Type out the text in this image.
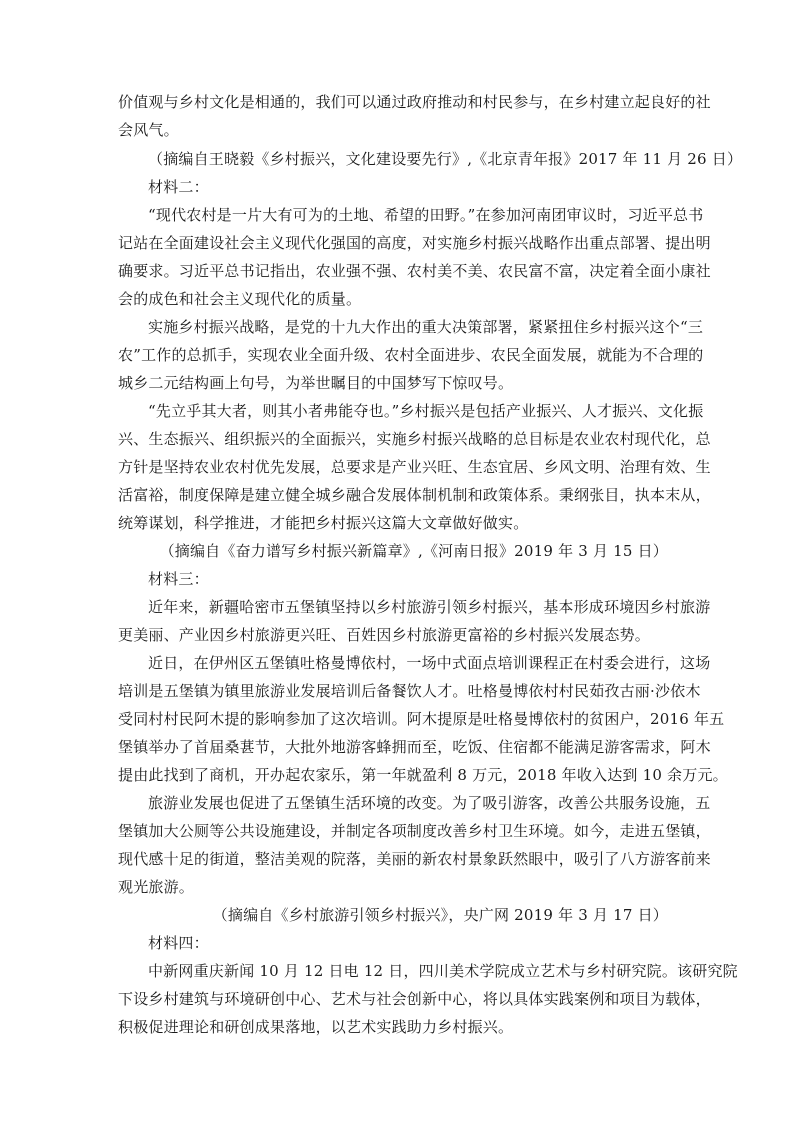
价值观与乡村文化是相通的，我们可以通过政府推动和村民参与，在乡村建立起良好的社
会风气。
（摘编自王晓毅《乡村振兴，文化建设要先行》,《北京青年报》2017 年 11 月 26 日）
材料二：
“现代农村是一片大有可为的土地、希望的田野。”在参加河南团审议时，习近平总书
记站在全面建设社会主义现代化强国的高度，对实施乡村振兴战略作出重点部署、提出明
确要求。习近平总书记指出，农业强不强、农村美不美、农民富不富，决定着全面小康社
会的成色和社会主义现代化的质量。
实施乡村振兴战略，是党的十九大作出的重大决策部署，紧紧扭住乡村振兴这个“三
农”工作的总抓手，实现农业全面升级、农村全面进步、农民全面发展，就能为不合理的
城乡二元结构画上句号，为举世瞩目的中国梦写下惊叹号。
“先立乎其大者，则其小者弗能夺也。”乡村振兴是包括产业振兴、人才振兴、文化振
兴、生态振兴、组织振兴的全面振兴，实施乡村振兴战略的总目标是农业农村现代化，总
方针是坚持农业农村优先发展，总要求是产业兴旺、生态宜居、乡风文明、治理有效、生
活富裕，制度保障是建立健全城乡融合发展体制机制和政策体系。秉纲张目，执本末从，
统筹谋划，科学推进，才能把乡村振兴这篇大文章做好做实。
（摘编自《奋力谱写乡村振兴新篇章》,《河南日报》2019 年 3 月 15 日）
材料三：
近年来，新疆哈密市五堡镇坚持以乡村旅游引领乡村振兴，基本形成环境因乡村旅游
更美丽、产业因乡村旅游更兴旺、百姓因乡村旅游更富裕的乡村振兴发展态势。
近日，在伊州区五堡镇吐格曼博依村，一场中式面点培训课程正在村委会进行，这场
培训是五堡镇为镇里旅游业发展培训后备餐饮人才。吐格曼博依村村民茹孜古丽·沙依木
受同村村民阿木提的影响参加了这次培训。阿木提原是吐格曼博依村的贫困户，2016 年五
堡镇举办了首届桑葚节，大批外地游客蜂拥而至，吃饭、住宿都不能满足游客需求，阿木
提由此找到了商机，开办起农家乐，第一年就盈利 8 万元，2018 年收入达到 10 余万元。
旅游业发展也促进了五堡镇生活环境的改变。为了吸引游客，改善公共服务设施，五
堡镇加大公厕等公共设施建设，并制定各项制度改善乡村卫生环境。如今，走进五堡镇，
现代感十足的街道，整洁美观的院落，美丽的新农村景象跃然眼中，吸引了八方游客前来
观光旅游。
（摘编自《乡村旅游引领乡村振兴》，央广网 2019 年 3 月 17 日）
材料四：
中新网重庆新闻 10 月 12 日电 12 日，四川美术学院成立艺术与乡村研究院。该研究院
下设乡村建筑与环境研创中心、艺术与社会创新中心，将以具体实践案例和项目为载体，
积极促进理论和研创成果落地，以艺术实践助力乡村振兴。
